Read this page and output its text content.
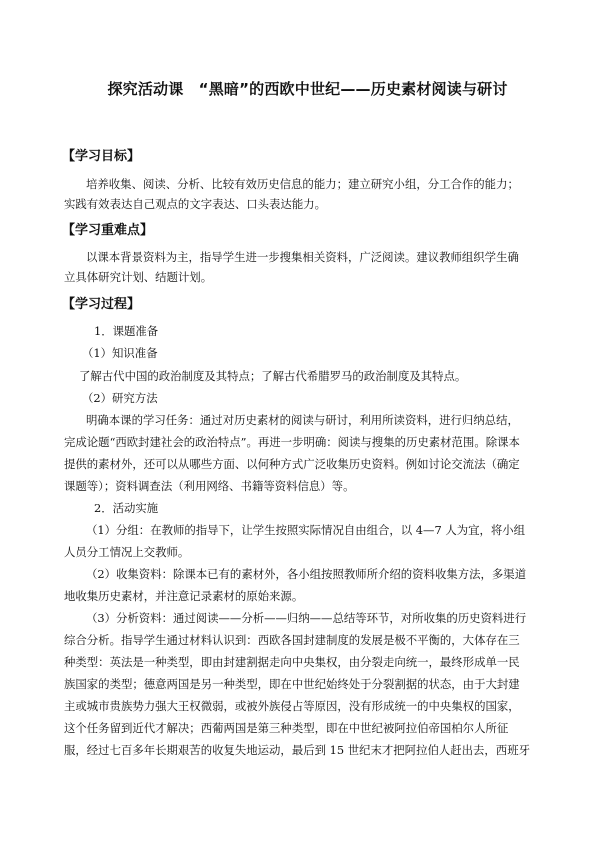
探究活动课　“黑暗”的西欧中世纪——历史素材阅读与研讨
【学习目标】
培养收集、阅读、分析、比较有效历史信息的能力；建立研究小组，分工合作的能力；
实践有效表达自己观点的文字表达、口头表达能力。
【学习重难点】
以课本背景资料为主，指导学生进一步搜集相关资料，广泛阅读。建议教师组织学生确
立具体研究计划、结题计划。
【学习过程】
1．课题准备
（1）知识准备
了解古代中国的政治制度及其特点；了解古代希腊罗马的政治制度及其特点。
（2）研究方法
明确本课的学习任务：通过对历史素材的阅读与研讨，利用所读资料，进行归纳总结，
完成论题“西欧封建社会的政治特点”。再进一步明确：阅读与搜集的历史素材范围。除课本
提供的素材外，还可以从哪些方面、以何种方式广泛收集历史资料。例如讨论交流法（确定
课题等）；资料调查法（利用网络、书籍等资料信息）等。
2．活动实施
（1）分组：在教师的指导下，让学生按照实际情况自由组合，以 4—7 人为宜，将小组
人员分工情况上交教师。
（2）收集资料：除课本已有的素材外，各小组按照教师所介绍的资料收集方法，多渠道
地收集历史素材，并注意记录素材的原始来源。
（3）分析资料：通过阅读——分析——归纳——总结等环节，对所收集的历史资料进行
综合分析。指导学生通过材料认识到：西欧各国封建制度的发展是极不平衡的，大体存在三
种类型：英法是一种类型，即由封建割据走向中央集权，由分裂走向统一，最终形成单一民
族国家的类型；德意两国是另一种类型，即在中世纪始终处于分裂割据的状态，由于大封建
主或城市贵族势力强大王权微弱，或被外族侵占等原因，没有形成统一的中央集权的国家，
这个任务留到近代才解决；西葡两国是第三种类型，即在中世纪被阿拉伯帝国柏尔人所征
服，经过七百多年长期艰苦的收复失地运动，最后到 15 世纪末才把阿拉伯人赶出去，西班牙
